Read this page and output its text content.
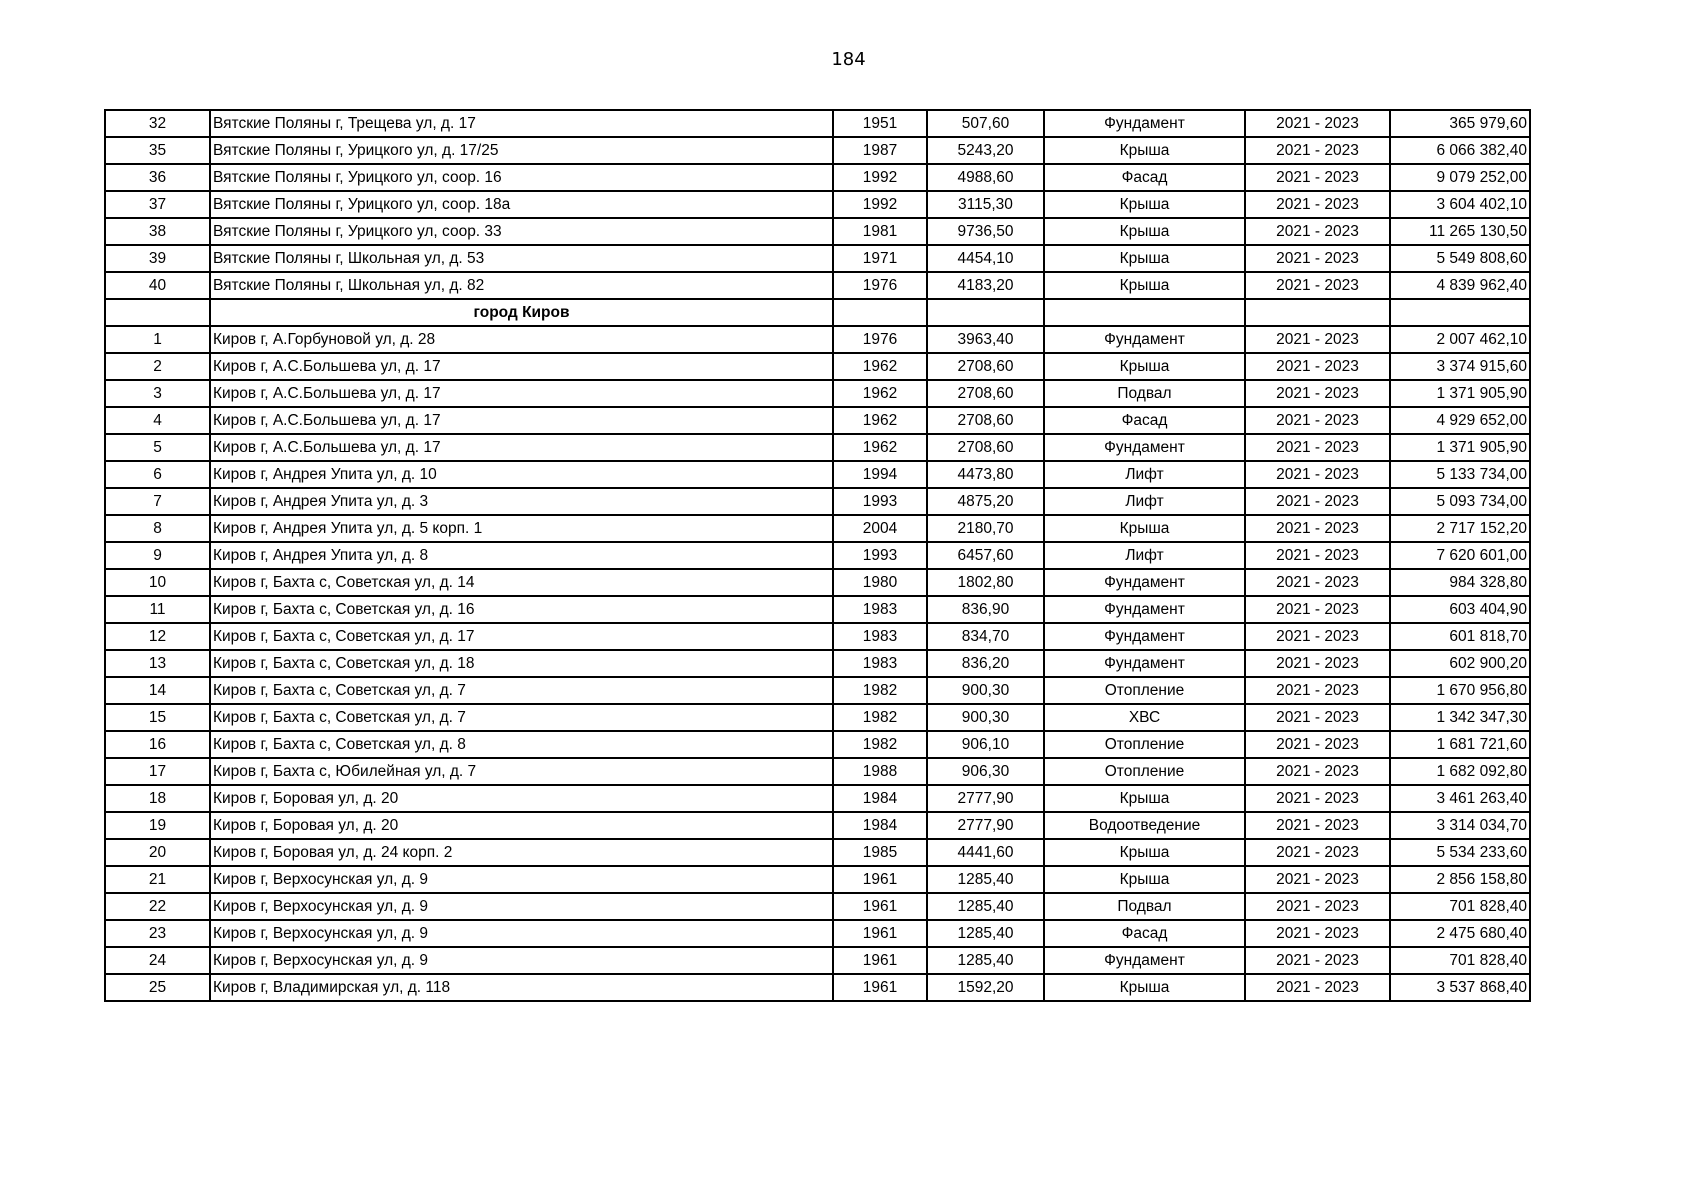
184
32	Вятские Поляны г, Трещева ул, д. 17	1951	507,60	Фундамент	2021 - 2023	365 979,60
35	Вятские Поляны г, Урицкого ул, д. 17/25	1987	5243,20	Крыша	2021 - 2023	6 066 382,40
36	Вятские Поляны г, Урицкого ул, соор. 16	1992	4988,60	Фасад	2021 - 2023	9 079 252,00
37	Вятские Поляны г, Урицкого ул, соор. 18а	1992	3115,30	Крыша	2021 - 2023	3 604 402,10
38	Вятские Поляны г, Урицкого ул, соор. 33	1981	9736,50	Крыша	2021 - 2023	11 265 130,50
39	Вятские Поляны г, Школьная ул, д. 53	1971	4454,10	Крыша	2021 - 2023	5 549 808,60
40	Вятские Поляны г, Школьная ул, д. 82	1976	4183,20	Крыша	2021 - 2023	4 839 962,40
	город Киров					
1	Киров г, А.Горбуновой ул, д. 28	1976	3963,40	Фундамент	2021 - 2023	2 007 462,10
2	Киров г, А.С.Большева ул, д. 17	1962	2708,60	Крыша	2021 - 2023	3 374 915,60
3	Киров г, А.С.Большева ул, д. 17	1962	2708,60	Подвал	2021 - 2023	1 371 905,90
4	Киров г, А.С.Большева ул, д. 17	1962	2708,60	Фасад	2021 - 2023	4 929 652,00
5	Киров г, А.С.Большева ул, д. 17	1962	2708,60	Фундамент	2021 - 2023	1 371 905,90
6	Киров г, Андрея Упита ул, д. 10	1994	4473,80	Лифт	2021 - 2023	5 133 734,00
7	Киров г, Андрея Упита ул, д. 3	1993	4875,20	Лифт	2021 - 2023	5 093 734,00
8	Киров г, Андрея Упита ул, д. 5 корп. 1	2004	2180,70	Крыша	2021 - 2023	2 717 152,20
9	Киров г, Андрея Упита ул, д. 8	1993	6457,60	Лифт	2021 - 2023	7 620 601,00
10	Киров г, Бахта с, Советская ул, д. 14	1980	1802,80	Фундамент	2021 - 2023	984 328,80
11	Киров г, Бахта с, Советская ул, д. 16	1983	836,90	Фундамент	2021 - 2023	603 404,90
12	Киров г, Бахта с, Советская ул, д. 17	1983	834,70	Фундамент	2021 - 2023	601 818,70
13	Киров г, Бахта с, Советская ул, д. 18	1983	836,20	Фундамент	2021 - 2023	602 900,20
14	Киров г, Бахта с, Советская ул, д. 7	1982	900,30	Отопление	2021 - 2023	1 670 956,80
15	Киров г, Бахта с, Советская ул, д. 7	1982	900,30	ХВС	2021 - 2023	1 342 347,30
16	Киров г, Бахта с, Советская ул, д. 8	1982	906,10	Отопление	2021 - 2023	1 681 721,60
17	Киров г, Бахта с, Юбилейная ул, д. 7	1988	906,30	Отопление	2021 - 2023	1 682 092,80
18	Киров г, Боровая ул, д. 20	1984	2777,90	Крыша	2021 - 2023	3 461 263,40
19	Киров г, Боровая ул, д. 20	1984	2777,90	Водоотведение	2021 - 2023	3 314 034,70
20	Киров г, Боровая ул, д. 24 корп. 2	1985	4441,60	Крыша	2021 - 2023	5 534 233,60
21	Киров г, Верхосунская ул, д. 9	1961	1285,40	Крыша	2021 - 2023	2 856 158,80
22	Киров г, Верхосунская ул, д. 9	1961	1285,40	Подвал	2021 - 2023	701 828,40
23	Киров г, Верхосунская ул, д. 9	1961	1285,40	Фасад	2021 - 2023	2 475 680,40
24	Киров г, Верхосунская ул, д. 9	1961	1285,40	Фундамент	2021 - 2023	701 828,40
25	Киров г, Владимирская ул, д. 118	1961	1592,20	Крыша	2021 - 2023	3 537 868,40
